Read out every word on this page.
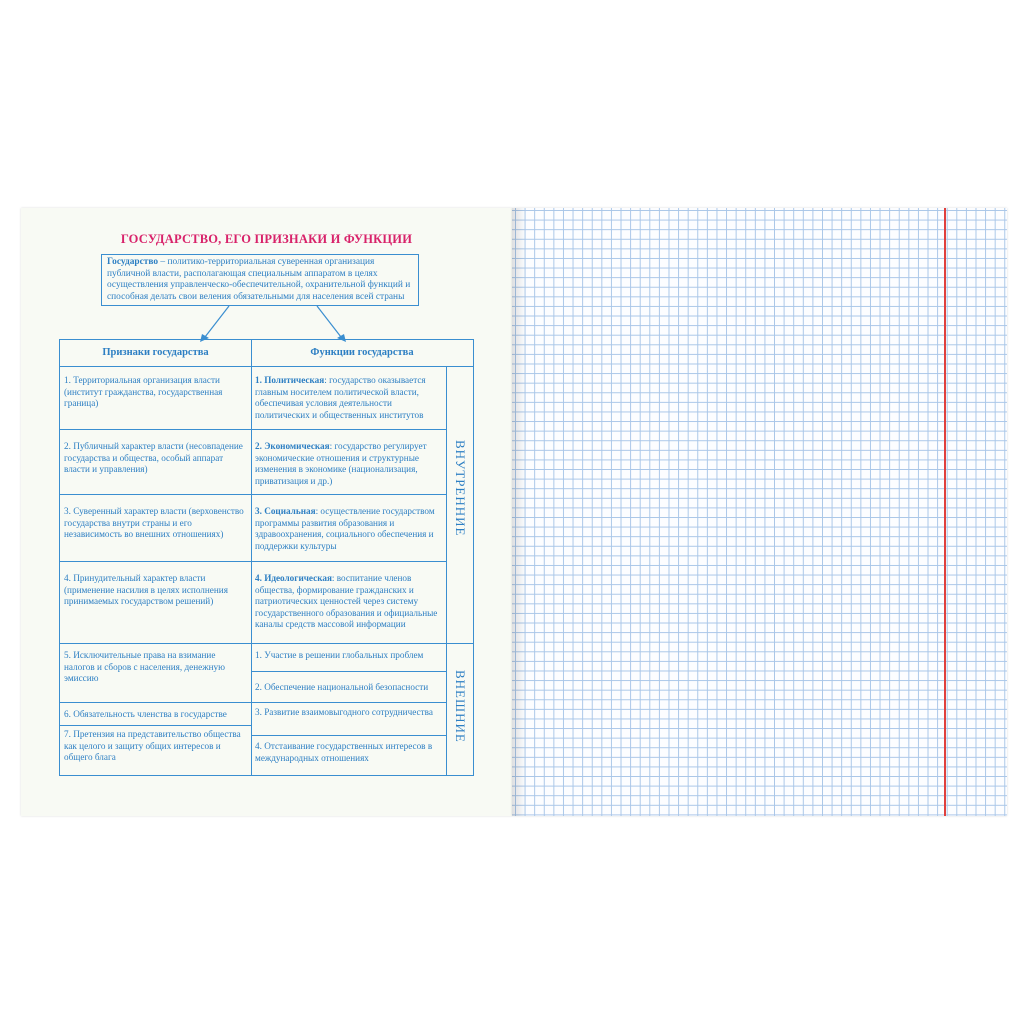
ГОСУДАРСТВО, ЕГО ПРИЗНАКИ И ФУНКЦИИ
Государство – политико-территориальная суверенная организация публичной власти, располагающая специальным аппаратом в целях осуществления управленческо-обеспечительной, охранительной функций и способная делать свои веления обязательными для населения всей страны
Признаки государства	Функции государства
1. Территориальная организация власти (институт гражданства, государственная граница)
2. Публичный характер власти (несовпадение государства и общества, особый аппарат власти и управления)
3. Суверенный характер власти (верховенство государства внутри страны и его независимость во внешних отношениях)
4. Принудительный характер власти (применение насилия в целях исполнения принимаемых государством решений)
5. Исключительные права на взимание налогов и сборов с населения, денежную эмиссию
6. Обязательность членства в государстве
7. Претензия на представительство общества как целого и защиту общих интересов и общего блага
1. Политическая: государство оказывается главным носителем политической власти, обеспечивая условия деятельности политических и общественных институтов
2. Экономическая: государство регулирует экономические отношения и структурные изменения в экономике (национализация, приватизация и др.)
3. Социальная: осуществление государством программы развития образования и здравоохранения, социального обеспечения и поддержки культуры
4. Идеологическая: воспитание членов общества, формирование гражданских и патриотических ценностей через систему государственного образования и официальные каналы средств массовой информации
1. Участие в решении глобальных проблем
2. Обеспечение национальной безопасности
3. Развитие взаимовыгодного сотрудничества
4. Отстаивание государственных интересов в международных отношениях
ВНУТРЕННИЕ
ВНЕШНИЕ
